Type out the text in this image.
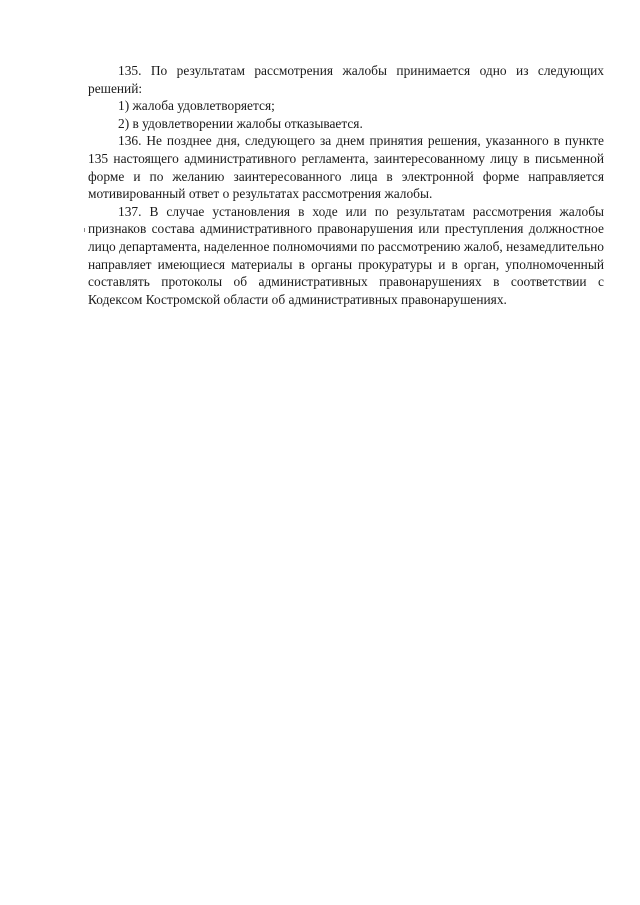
135. По результатам рассмотрения жалобы принимается одно из следующих решений:

1) жалоба удовлетворяется;

2) в удовлетворении жалобы отказывается.

136. Не позднее дня, следующего за днем принятия решения, указанного в пункте 135 настоящего административного регламента, заинтересованному лицу в письменной форме и по желанию заинтересованного лица в электронной форме направляется мотивированный ответ о результатах рассмотрения жалобы.

137. В случае установления в ходе или по результатам рассмотрения жалобы признаков состава административного правонарушения или преступления должностное лицо департамента, наделенное полномочиями по рассмотрению жалоб, незамедлительно направляет имеющиеся материалы в органы прокуратуры и в орган, уполномоченный составлять протоколы об административных правонарушениях в соответствии с Кодексом Костромской области об административных правонарушениях.
